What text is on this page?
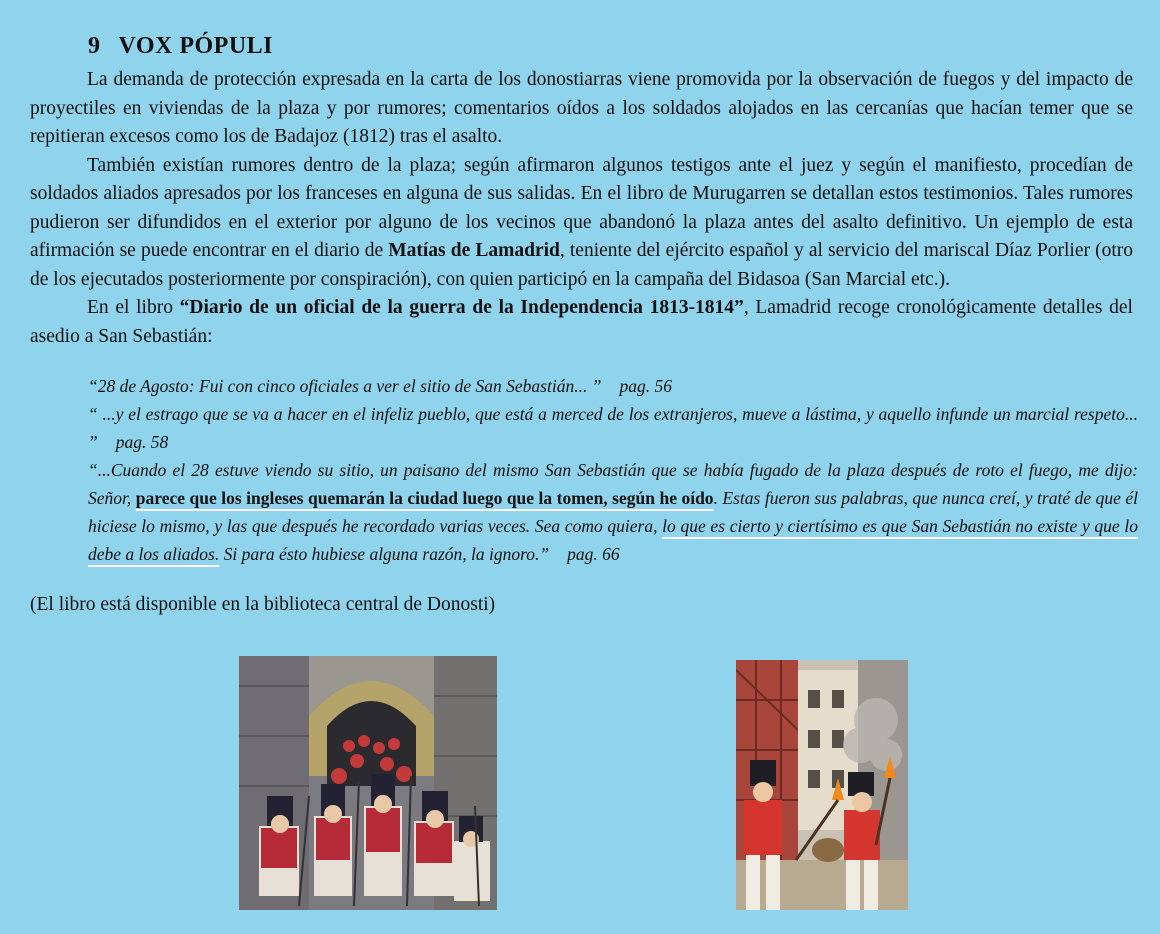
9 VOX PÓPULI

La demanda de protección expresada en la carta de los donostiarras viene promovida por la observación de fuegos y del impacto de proyectiles en viviendas de la plaza y por rumores; comentarios oídos a los soldados alojados en las cercanías que hacían temer que se repitieran excesos como los de Badajoz (1812) tras el asalto.

También existían rumores dentro de la plaza; según afirmaron algunos testigos ante el juez y según el manifiesto, procedían de soldados aliados apresados por los franceses en alguna de sus salidas. En el libro de Murugarren se detallan estos testimonios. Tales rumores pudieron ser difundidos en el exterior por alguno de los vecinos que abandonó la plaza antes del asalto definitivo. Un ejemplo de esta afirmación se puede encontrar en el diario de Matías de Lamadrid, teniente del ejército español y al servicio del mariscal Díaz Porlier (otro de los ejecutados posteriormente por conspiración), con quien participó en la campaña del Bidasoa (San Marcial etc.).

En el libro “Diario de un oficial de la guerra de la Independencia 1813-1814”, Lamadrid recoge cronológicamente detalles del asedio a San Sebastián:

“28 de Agosto: Fui con cinco oficiales a ver el sitio de San Sebastián... ” pag. 56

“ ...y el estrago que se va a hacer en el infeliz pueblo, que está a merced de los extranjeros, mueve a lástima, y aquello infunde un marcial respeto... ” pag. 58

“...Cuando el 28 estuve viendo su sitio, un paisano del mismo San Sebastián que se había fugado de la plaza después de roto el fuego, me dijo: Señor, parece que los ingleses quemarán la ciudad luego que la tomen, según he oído. Estas fueron sus palabras, que nunca creí, y traté de que él hiciese lo mismo, y las que después he recordado varias veces. Sea como quiera, lo que es cierto y ciertísimo es que San Sebastián no existe y que lo debe a los aliados. Si para ésto hubiese alguna razón, la ignoro.” pag. 66

(El libro está disponible en la biblioteca central de Donosti)
